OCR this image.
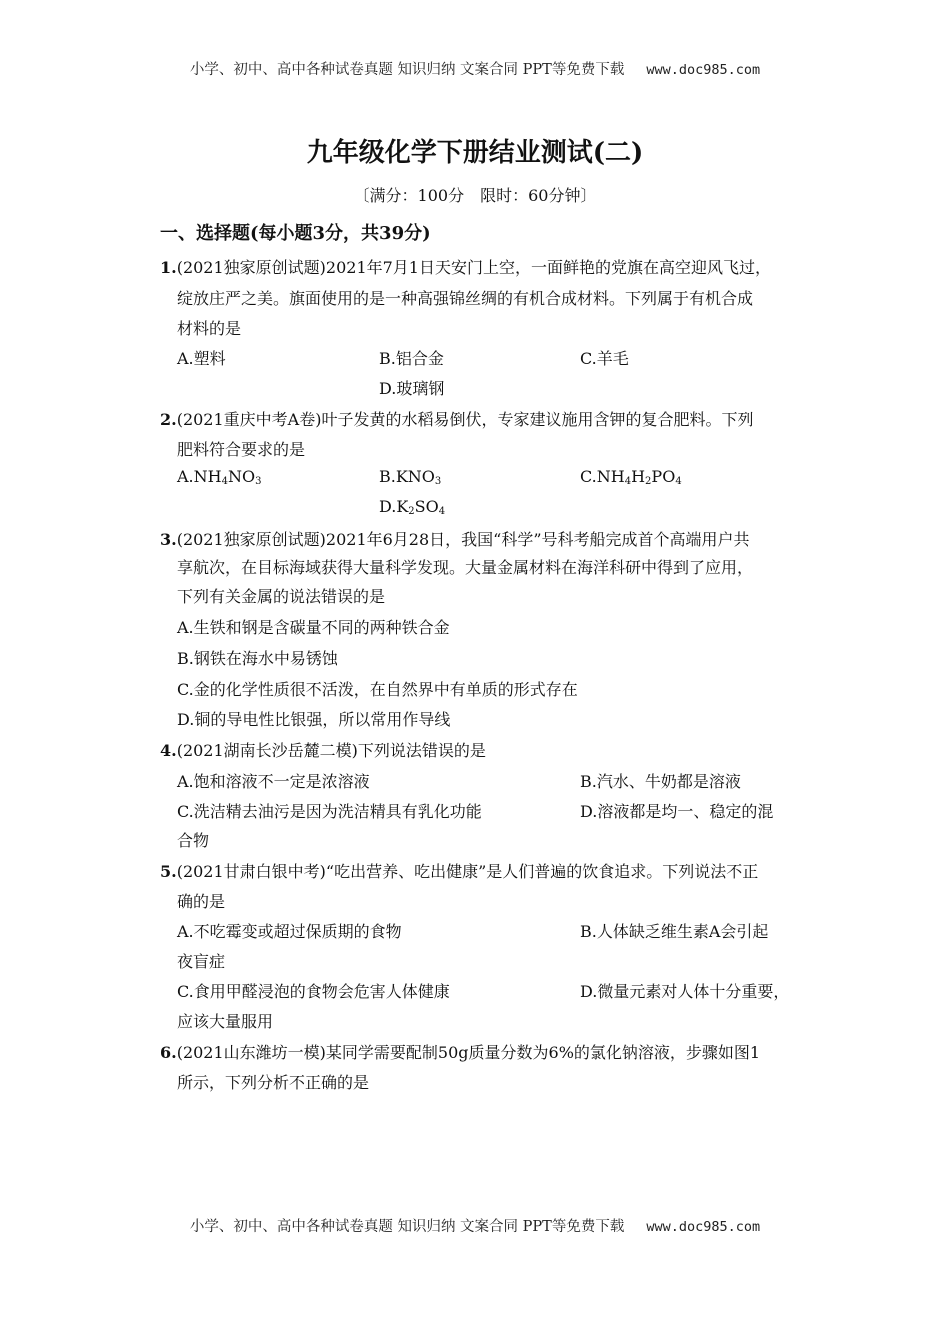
小学、初中、高中各种试卷真题 知识归纳 文案合同 PPT等免费下载 www.doc985.com
九年级化学下册结业测试(二)
〔满分：100分　限时：60分钟〕
一、选择题(每小题3分，共39分)
1.(2021独家原创试题)2021年7月1日天安门上空，一面鲜艳的党旗在高空迎风飞过，
绽放庄严之美。旗面使用的是一种高强锦丝绸的有机合成材料。下列属于有机合成
材料的是
A.塑料	B.铝合金	C.羊毛
D.玻璃钢
2.(2021重庆中考A卷)叶子发黄的水稻易倒伏，专家建议施用含钾的复合肥料。下列
肥料符合要求的是
$A.NH_4NO_3$	$B.KNO_3$	$C.NH_4H_2PO_4$
$D.K_2SO_4$
3.(2021独家原创试题)2021年6月28日，我国“科学”号科考船完成首个高端用户共
享航次，在目标海域获得大量科学发现。大量金属材料在海洋科研中得到了应用，
下列有关金属的说法错误的是
A.生铁和钢是含碳量不同的两种铁合金
B.钢铁在海水中易锈蚀
C.金的化学性质很不活泼，在自然界中有单质的形式存在
D.铜的导电性比银强，所以常用作导线
4.(2021湖南长沙岳麓二模)下列说法错误的是
A.饱和溶液不一定是浓溶液	B.汽水、牛奶都是溶液
C.洗洁精去油污是因为洗洁精具有乳化功能	D.溶液都是均一、稳定的混
合物
5.(2021甘肃白银中考)“吃出营养、吃出健康”是人们普遍的饮食追求。下列说法不正
确的是
A.不吃霉变或超过保质期的食物	B.人体缺乏维生素A会引起
夜盲症
C.食用甲醛浸泡的食物会危害人体健康	D.微量元素对人体十分重要，
应该大量服用
6.(2021山东潍坊一模)某同学需要配制50g质量分数为6%的氯化钠溶液，步骤如图1
所示，下列分析不正确的是
小学、初中、高中各种试卷真题 知识归纳 文案合同 PPT等免费下载 www.doc985.com
